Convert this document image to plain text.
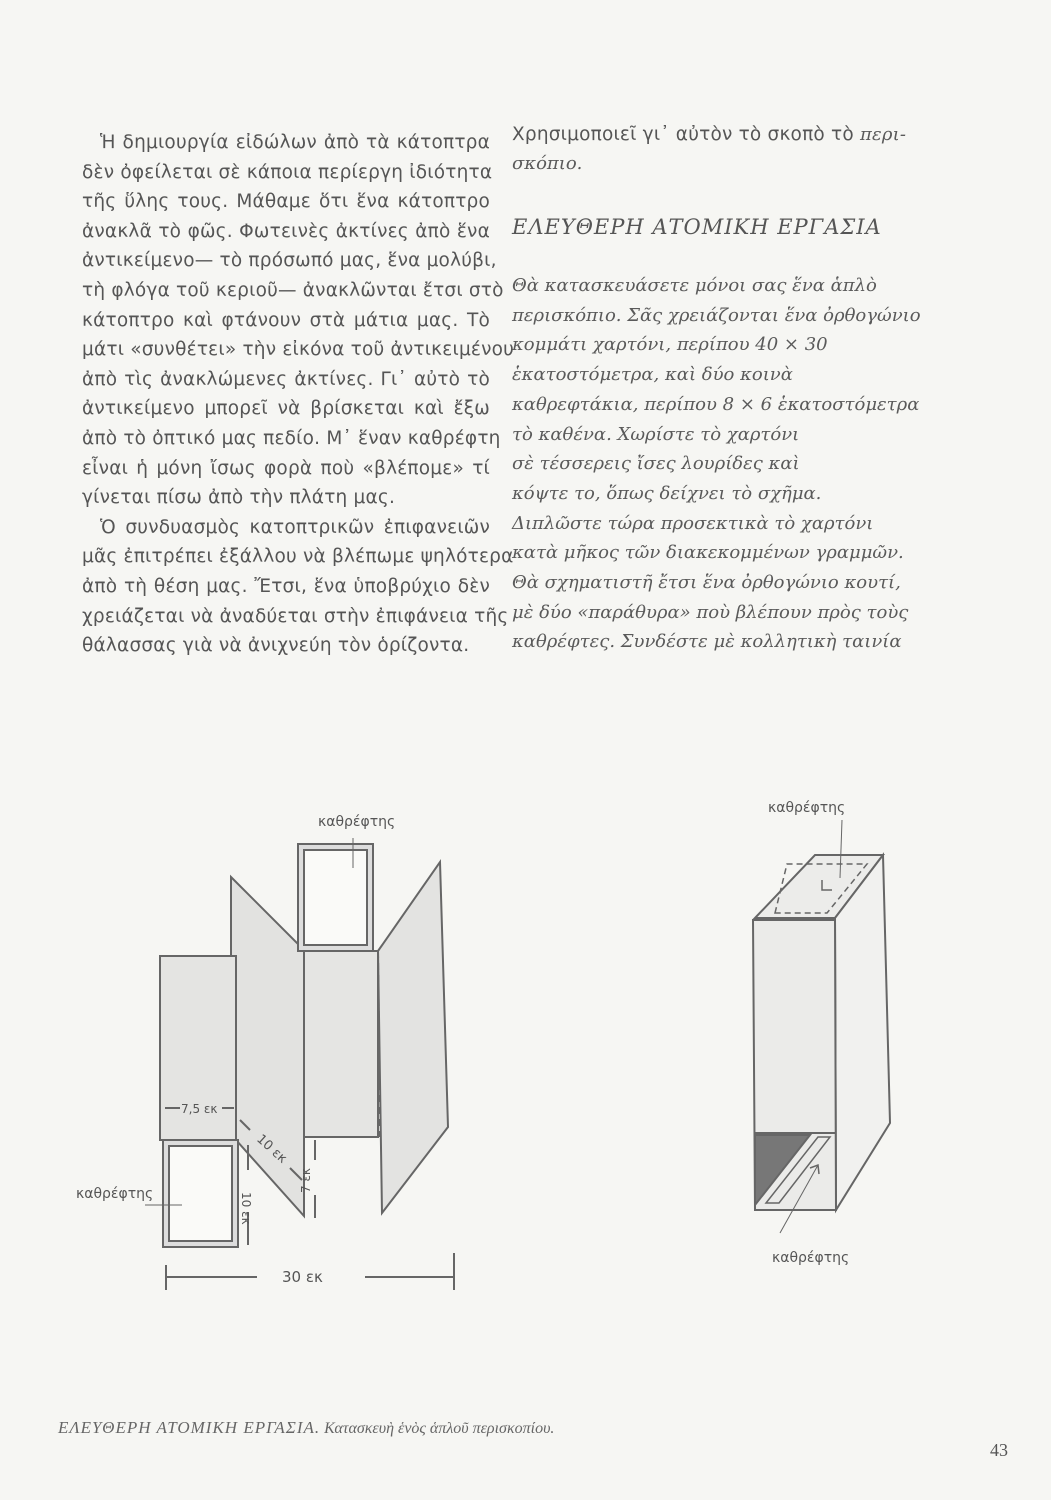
Ἡ δημιουργία εἰδώλων ἀπὸ τὰ κάτοπτρα
δὲν ὀφείλεται σὲ κάποια περίεργη ἰδιότητα
τῆς ὕλης τους. Μάθαμε ὅτι ἕνα κάτοπτρο
ἀνακλᾶ τὸ φῶς. Φωτεινὲς ἀκτίνες ἀπὸ ἕνα
ἀντικείμενο— τὸ πρόσωπό μας, ἕνα μολύβι,
τὴ φλόγα τοῦ κεριοῦ— ἀνακλῶνται ἔτσι στὸ
κάτοπτρο καὶ φτάνουν στὰ μάτια μας. Τὸ
μάτι «συνθέτει» τὴν εἰκόνα τοῦ ἀντικειμένου
ἀπὸ τὶς ἀνακλώμενες ἀκτίνες. Γι᾽ αὐτὸ τὸ
ἀντικείμενο μπορεῖ νὰ βρίσκεται καὶ ἔξω
ἀπὸ τὸ ὀπτικό μας πεδίο. Μ᾽ ἕναν καθρέφτη
εἶναι ἡ μόνη ἴσως φορὰ ποὺ «βλέπομε» τί
γίνεται πίσω ἀπὸ τὴν πλάτη μας.
Ὁ συνδυασμὸς κατοπτρικῶν ἐπιφανειῶν
μᾶς ἐπιτρέπει ἐξάλλου νὰ βλέπωμε ψηλότερα
ἀπὸ τὴ θέση μας. Ἔτσι, ἕνα ὑποβρύχιο δὲν
χρειάζεται νὰ ἀναδύεται στὴν ἐπιφάνεια τῆς
θάλασσας γιὰ νὰ ἀνιχνεύη τὸν ὁρίζοντα.
Χρησιμοποιεῖ γι᾽ αὐτὸν τὸ σκοπὸ τὸ περι-
σκόπιο.
ΕΛΕΥΘΕΡΗ ΑΤΟΜΙΚΗ ΕΡΓΑΣΙΑ
Θὰ κατασκευάσετε μόνοι σας ἕνα ἁπλὸ
περισκόπιο. Σᾶς χρειάζονται ἕνα ὀρθογώνιο
κομμάτι χαρτόνι, περίπου 40 × 30
ἑκατοστόμετρα, καὶ δύο κοινὰ
καθρεφτάκια, περίπου 8 × 6 ἑκατοστόμετρα
τὸ καθένα. Χωρίστε τὸ χαρτόνι
σὲ τέσσερεις ἴσες λουρίδες καὶ
κόψτε το, ὅπως δείχνει τὸ σχῆμα.
Διπλῶστε τώρα προσεκτικὰ τὸ χαρτόνι
κατὰ μῆκος τῶν διακεκομμένων γραμμῶν.
Θὰ σχηματιστῆ ἔτσι ἕνα ὀρθογώνιο κουτί,
μὲ δύο «παράθυρα» ποὺ βλέπουν πρὸς τοὺς
καθρέφτες. Συνδέστε μὲ κολλητικὴ ταινία
καθρέφτης
καθρέφτης
7,5 εκ
10 εκ
10 εκ
7 εκ
30 εκ
καθρέφτης
καθρέφτης
ΕΛΕΥΘΕΡΗ ΑΤΟΜΙΚΗ ΕΡΓΑΣΙΑ. Κατασκευὴ ἑνὸς ἁπλοῦ περισκοπίου.
43
